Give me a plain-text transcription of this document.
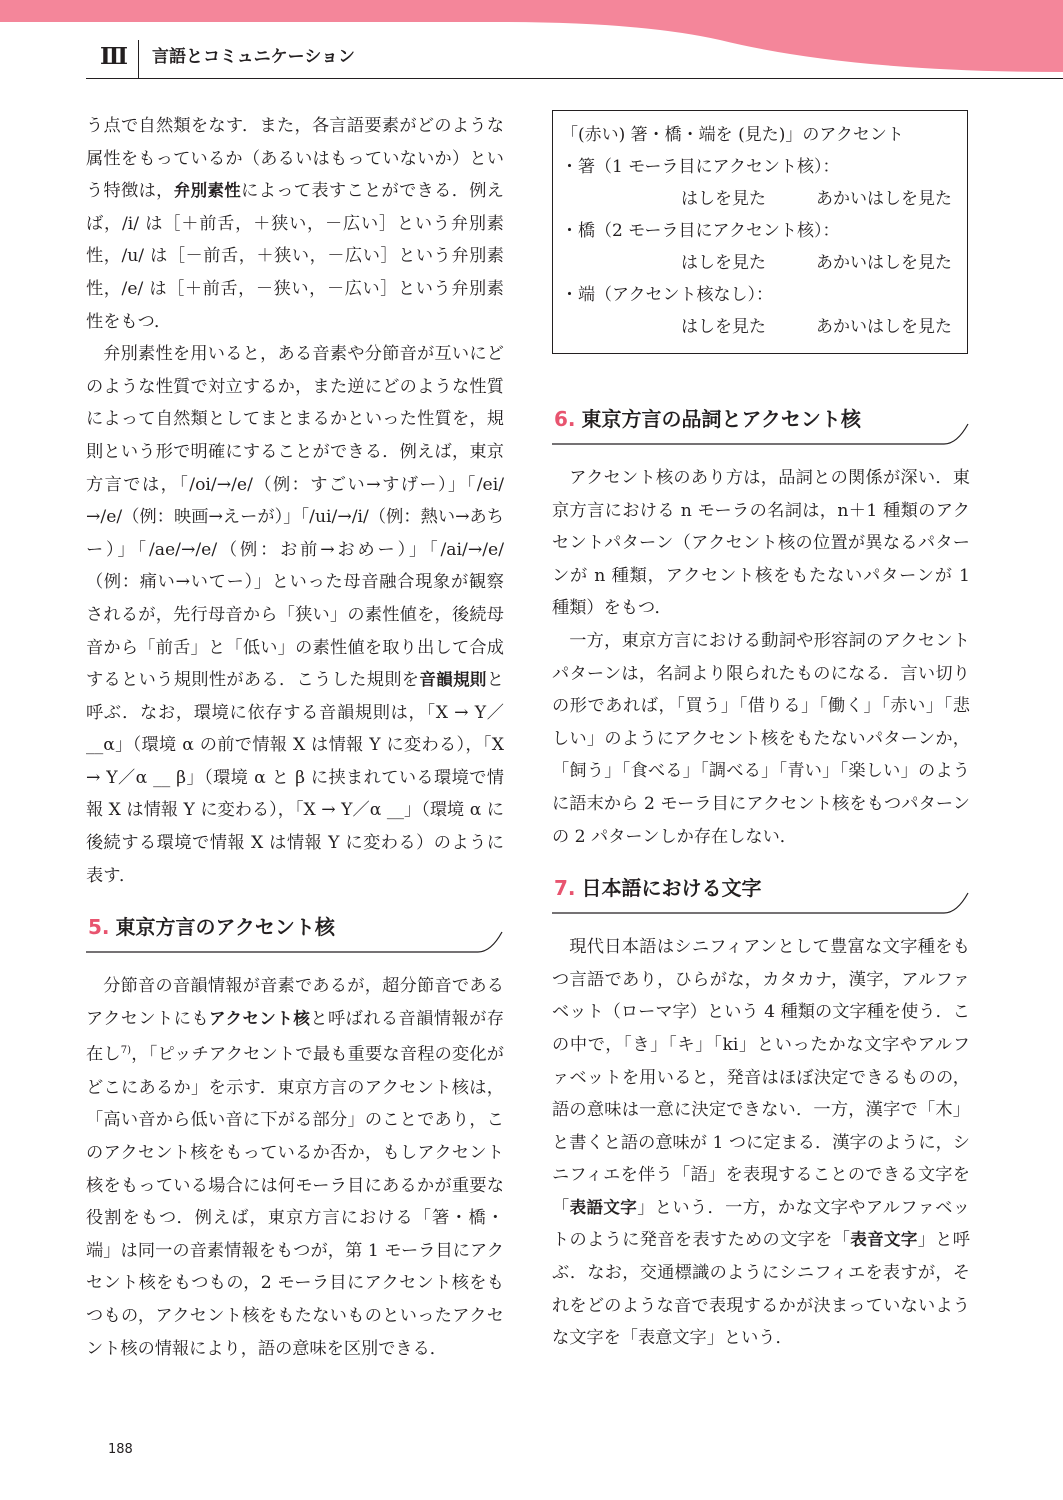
Ⅲ 言語とコミュニケーション

う点で自然類をなす．また，各言語要素がどのような属性をもっているか（あるいはもっていないか）という特徴は，弁別素性によって表すことができる．例えば，/i/ は［＋前舌，＋狭い，－広い］という弁別素性，/u/ は［－前舌，＋狭い，－広い］という弁別素性，/e/ は［＋前舌，－狭い，－広い］という弁別素性をもつ．

弁別素性を用いると，ある音素や分節音が互いにどのような性質で対立するか，また逆にどのような性質によって自然類としてまとまるかといった性質を，規則という形で明確にすることができる．例えば，東京方言では，「/oi/→/e/（例：すごい→すげー）」「/ei/→/e/（例：映画→えーが）」「/ui/→/i/（例：熱い→あちー）」「/ae/→/e/（例：お前→おめー）」「/ai/→/e/（例：痛い→いてー）」といった母音融合現象が観察されるが，先行母音から「狭い」の素性値を，後続母音から「前舌」と「低い」の素性値を取り出して合成するという規則性がある．こうした規則を音韻規則と呼ぶ．なお，環境に依存する音韻規則は，「X → Y／__α」（環境 α の前で情報 X は情報 Y に変わる），「X → Y／α __ β」（環境 α と β に挟まれている環境で情報 X は情報 Y に変わる），「X → Y／α __」（環境 α に後続する環境で情報 X は情報 Y に変わる）のように表す．

5. 東京方言のアクセント核

分節音の音韻情報が音素であるが，超分節音であるアクセントにもアクセント核と呼ばれる音韻情報が存在し$^{7)}$，「ピッチアクセントで最も重要な音程の変化がどこにあるか」を示す．東京方言のアクセント核は，「高い音から低い音に下がる部分」のことであり，このアクセント核をもっているか否か，もしアクセント核をもっている場合には何モーラ目にあるかが重要な役割をもつ．例えば，東京方言における「箸・橋・端」は同一の音素情報をもつが，第 1 モーラ目にアクセント核をもつもの，2 モーラ目にアクセント核をもつもの，アクセント核をもたないものといったアクセント核の情報により，語の意味を区別できる．

「(赤い) 箸・橋・端を (見た)」のアクセント
・箸（1 モーラ目にアクセント核）：
はしを見た	あかいはしを見た
・橋（2 モーラ目にアクセント核）：
はしを見た	あかいはしを見た
・端（アクセント核なし）：
はしを見た	あかいはしを見た
6. 東京方言の品詞とアクセント核

アクセント核のあり方は，品詞との関係が深い．東京方言における n モーラの名詞は，n＋1 種類のアクセントパターン（アクセント核の位置が異なるパターンが n 種類，アクセント核をもたないパターンが 1 種類）をもつ．

一方，東京方言における動詞や形容詞のアクセントパターンは，名詞より限られたものになる．言い切りの形であれば，「買う」「借りる」「働く」「赤い」「悲しい」のようにアクセント核をもたないパターンか，「飼う」「食べる」「調べる」「青い」「楽しい」のように語末から 2 モーラ目にアクセント核をもつパターンの 2 パターンしか存在しない．

7. 日本語における文字

現代日本語はシニフィアンとして豊富な文字種をもつ言語であり，ひらがな，カタカナ，漢字，アルファベット（ローマ字）という 4 種類の文字種を使う．この中で，「き」「キ」「ki」といったかな文字やアルファベットを用いると，発音はほぼ決定できるものの，語の意味は一意に決定できない．一方，漢字で「木」と書くと語の意味が 1 つに定まる．漢字のように，シニフィエを伴う「語」を表現することのできる文字を「表語文字」という．一方，かな文字やアルファベットのように発音を表すための文字を「表音文字」と呼ぶ．なお，交通標識のようにシニフィエを表すが，それをどのような音で表現するかが決まっていないような文字を「表意文字」という．

188
